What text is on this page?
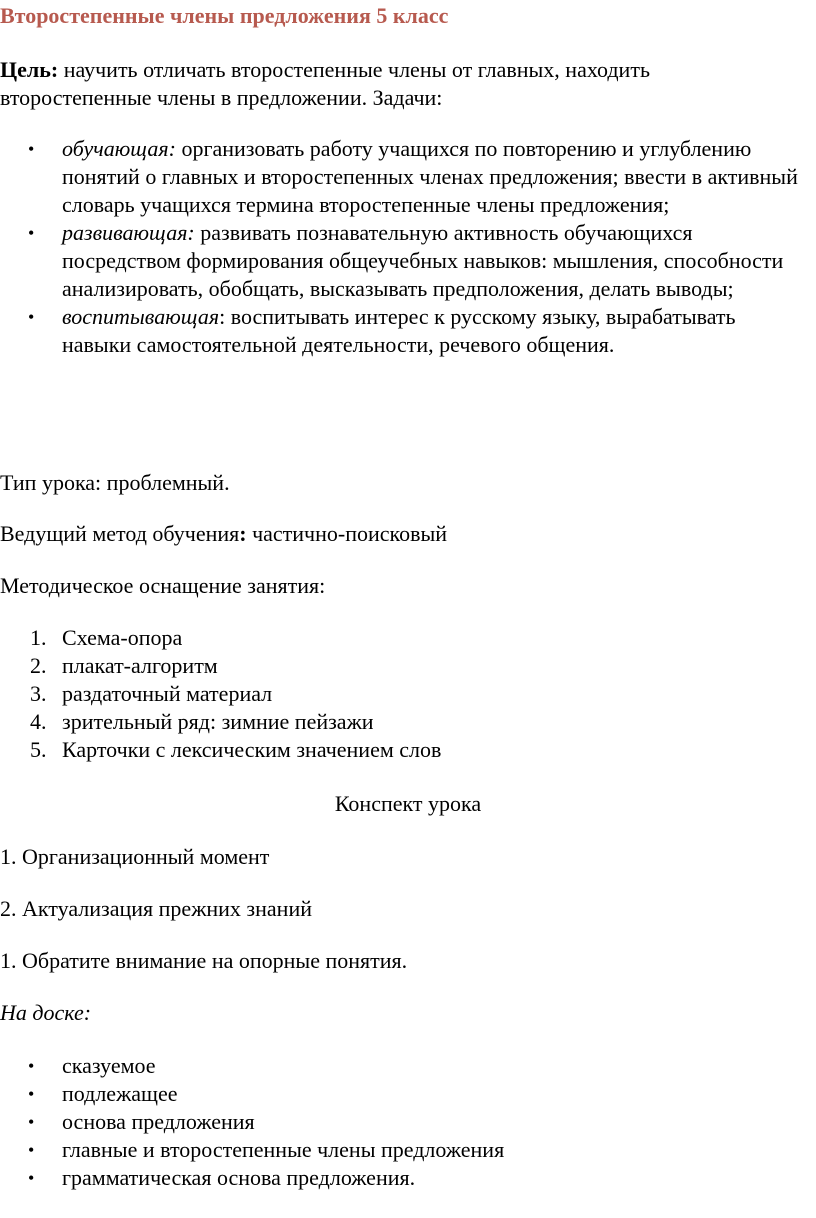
Второстепенные члены предложения 5 класс

Цель: научить отличать второстепенные члены от главных, находить второстепенные члены в предложении. Задачи:

• обучающая: организовать работу учащихся по повторению и углублению понятий о главных и второстепенных членах предложения; ввести в активный словарь учащихся термина второстепенные члены предложения;
• развивающая: развивать познавательную активность обучающихся посредством формирования общеучебных навыков: мышления, способности анализировать, обобщать, высказывать предположения, делать выводы;
• воспитывающая: воспитывать интерес к русскому языку, вырабатывать навыки самостоятельной деятельности, речевого общения.

Тип урока: проблемный.

Ведущий метод обучения: частично-поисковый

Методическое оснащение занятия:

1. Схема-опора
2. плакат-алгоритм
3. раздаточный материал
4. зрительный ряд: зимние пейзажи
5. Карточки с лексическим значением слов

Конспект урока

1. Организационный момент

2. Актуализация прежних знаний

1. Обратите внимание на опорные понятия.

На доске:

• сказуемое
• подлежащее
• основа предложения
• главные и второстепенные члены предложения
• грамматическая основа предложения.
